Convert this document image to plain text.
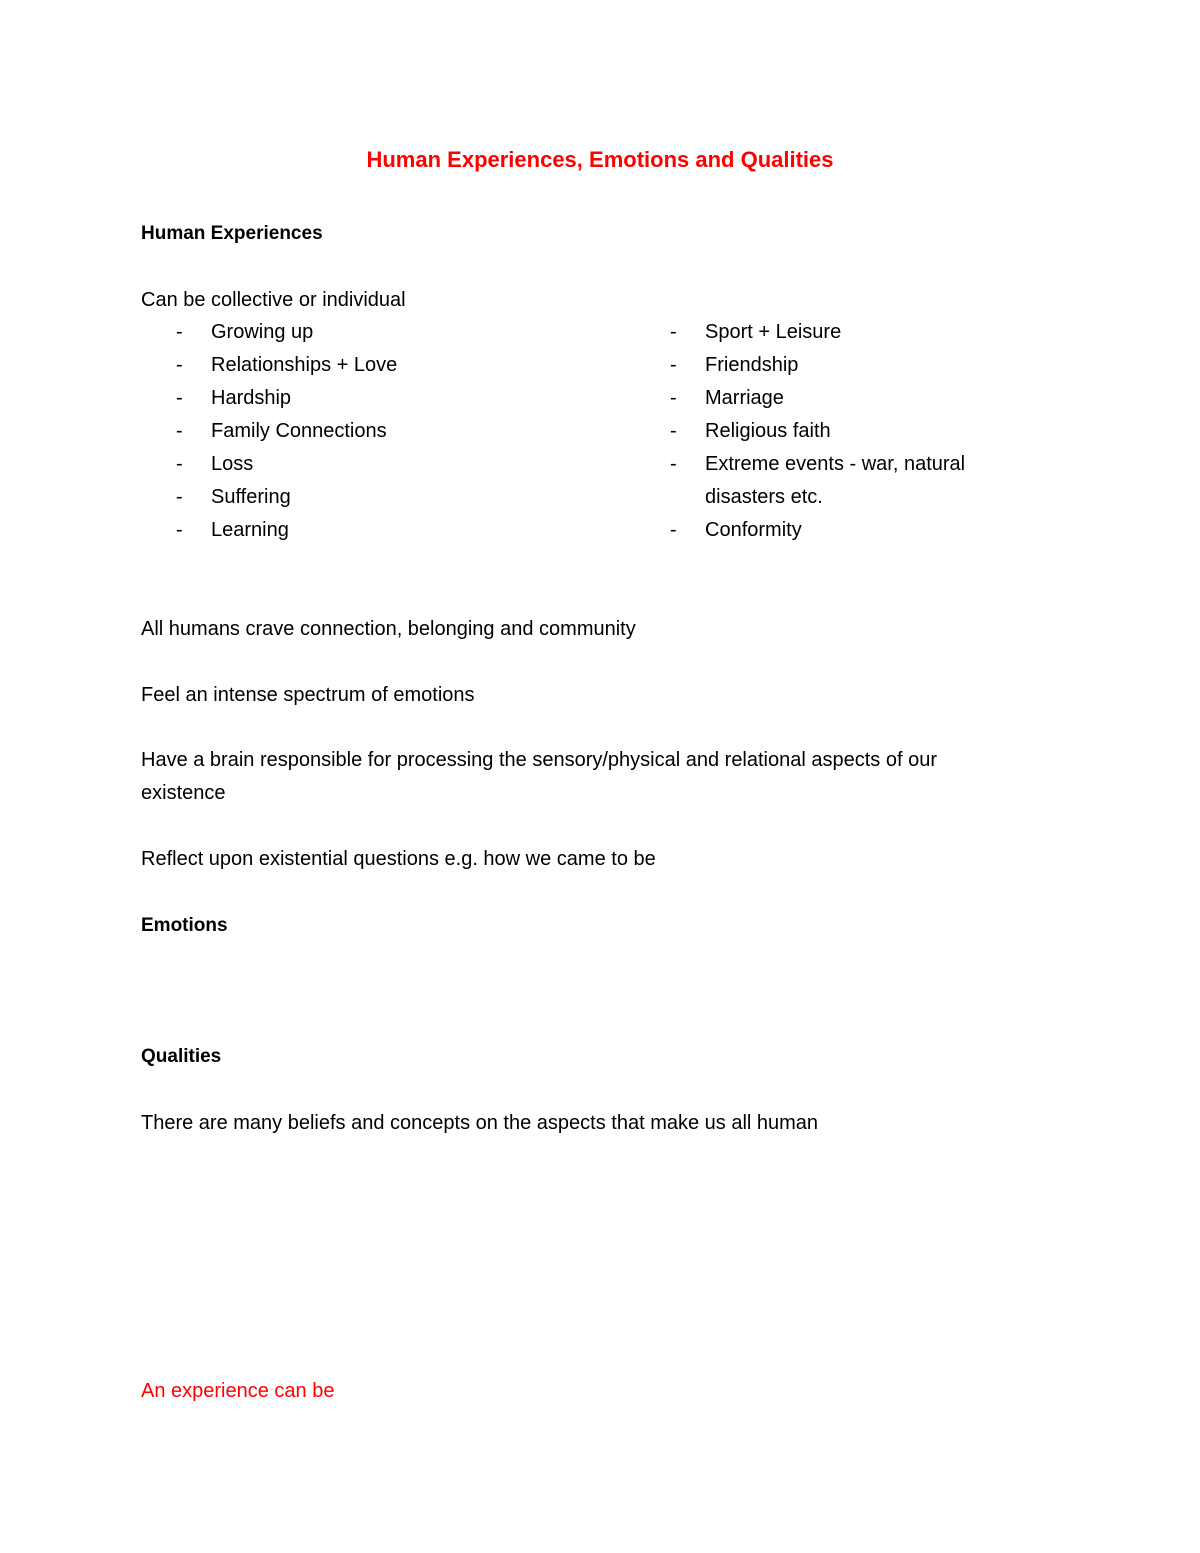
Human Experiences, Emotions and Qualities
Human Experiences
Can be collective or individual
- Growing up
- Relationships + Love
- Hardship
- Family Connections
- Loss
- Suffering
- Learning
- Sport + Leisure
- Friendship
- Marriage
- Religious faith
- Extreme events - war, natural disasters etc.
- Conformity
All humans crave connection, belonging and community
Feel an intense spectrum of emotions
Have a brain responsible for processing the sensory/physical and relational aspects of our existence
Reflect upon existential questions e.g. how we came to be
Emotions
Qualities
There are many beliefs and concepts on the aspects that make us all human
An experience can be
